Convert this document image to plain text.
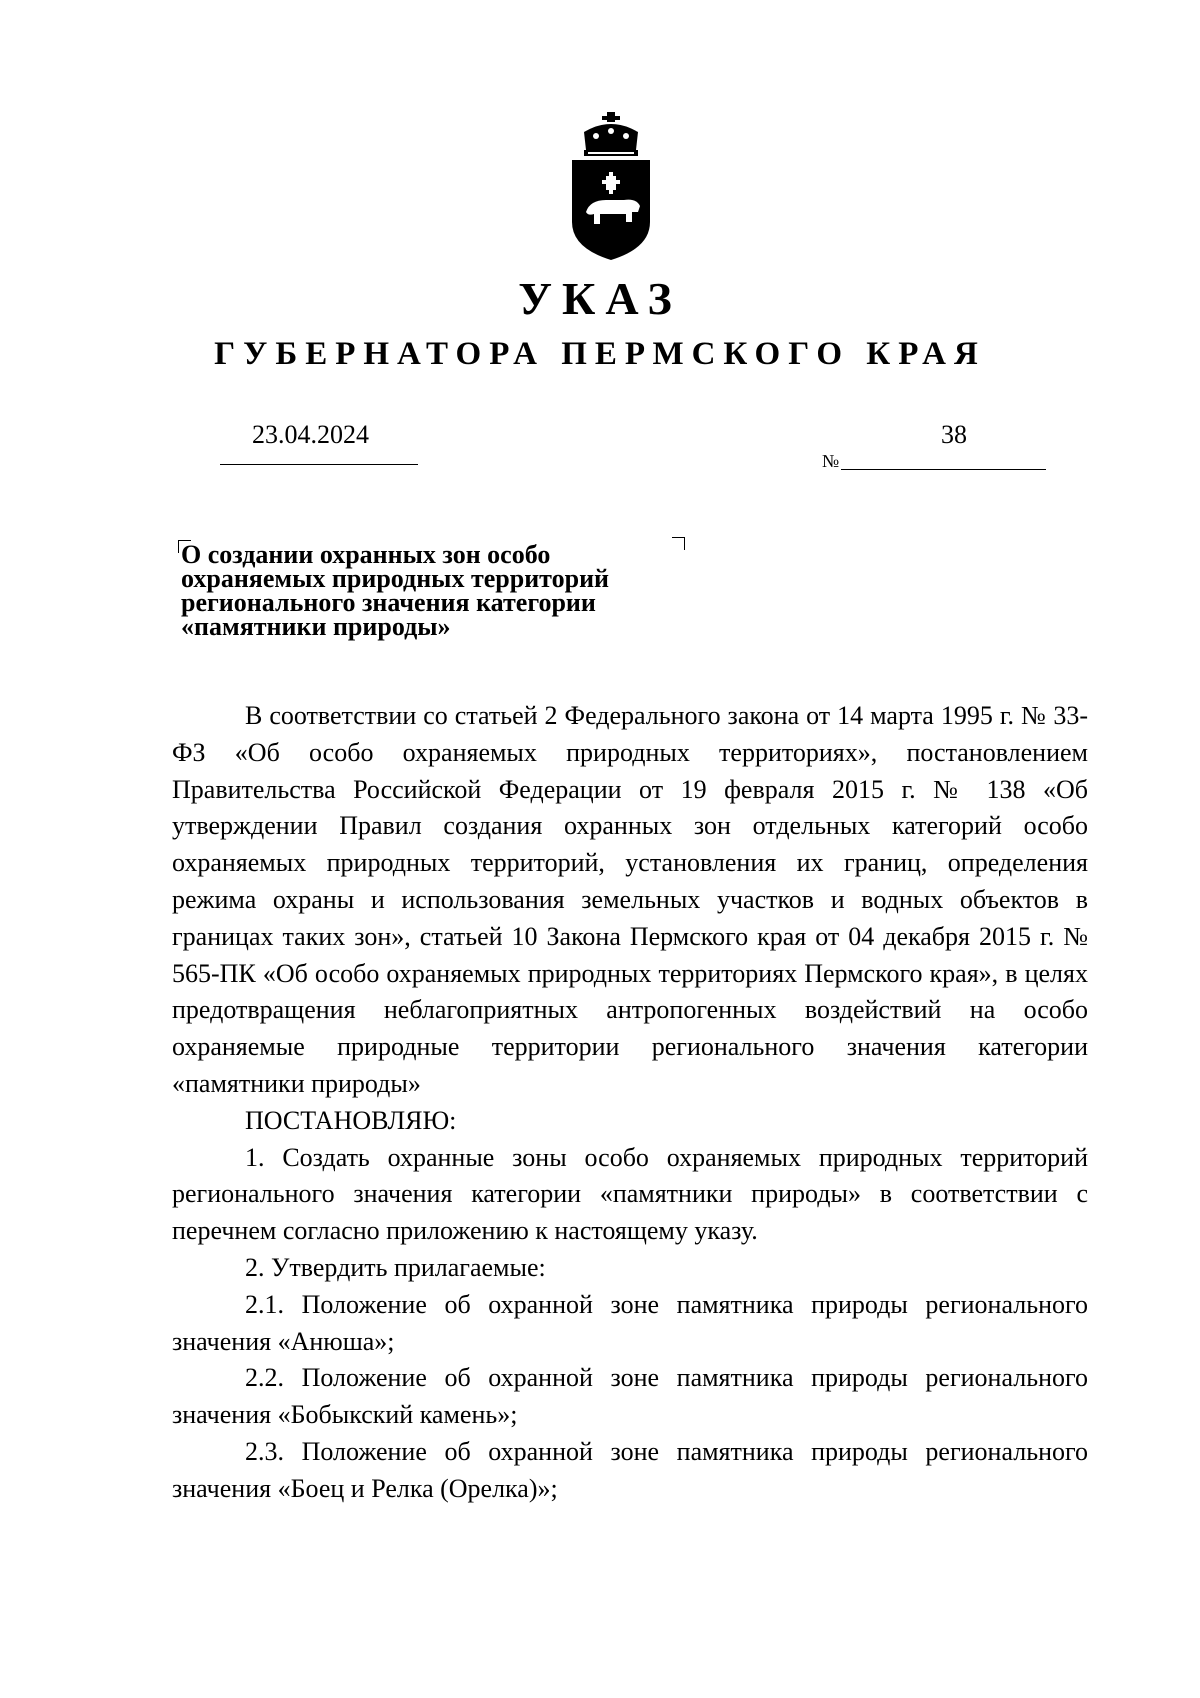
УКАЗ
ГУБЕРНАТОРА ПЕРМСКОГО КРАЯ
23.04.2024	38
№
О создании охранных зон особо
охраняемых природных территорий
регионального значения категории
«памятники природы»

В соответствии со статьей 2 Федерального закона от 14 марта 1995 г. № 33-ФЗ «Об особо охраняемых природных территориях», постановлением Правительства Российской Федерации от 19 февраля 2015 г. № 138 «Об утверждении Правил создания охранных зон отдельных категорий особо охраняемых природных территорий, установления их границ, определения режима охраны и использования земельных участков и водных объектов в границах таких зон», статьей 10 Закона Пермского края от 04 декабря 2015 г. № 565-ПК «Об особо охраняемых природных территориях Пермского края», в целях предотвращения неблагоприятных антропогенных воздействий на особо охраняемые природные территории регионального значения категории «памятники природы»

ПОСТАНОВЛЯЮ:

1. Создать охранные зоны особо охраняемых природных территорий регионального значения категории «памятники природы» в соответствии с перечнем согласно приложению к настоящему указу.

2. Утвердить прилагаемые:

2.1. Положение об охранной зоне памятника природы регионального значения «Анюша»;

2.2. Положение об охранной зоне памятника природы регионального значения «Бобыкский камень»;

2.3. Положение об охранной зоне памятника природы регионального значения «Боец и Релка (Орелка)»;
